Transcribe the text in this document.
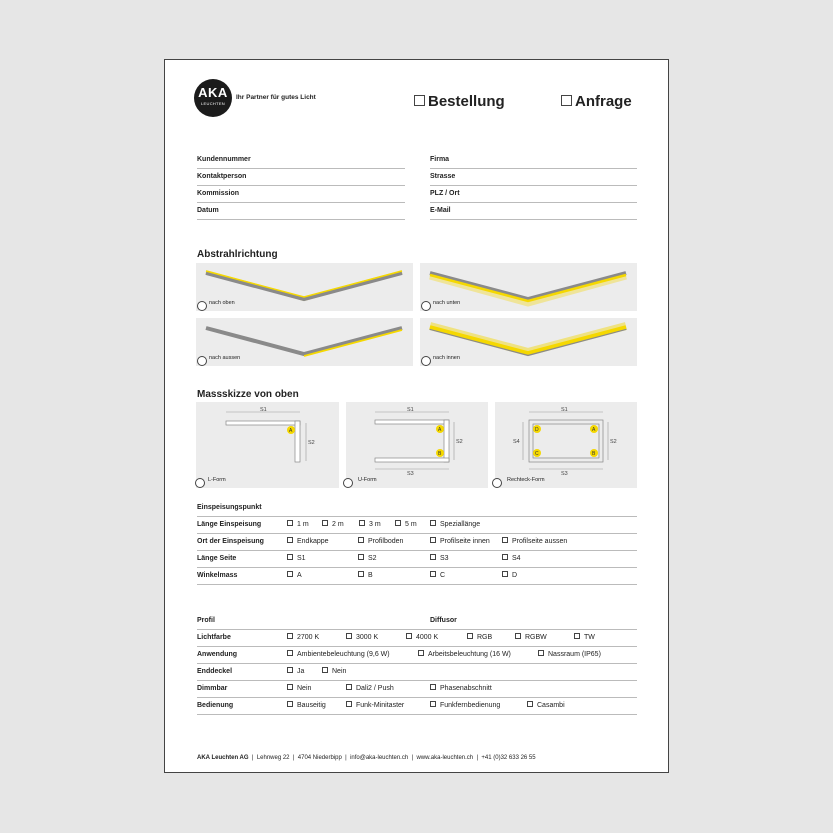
AKA
LEUCHTEN
Ihr Partner für gutes Licht	Bestellung	Anfrage
Kundennummer
Kontaktperson
Kommission
Datum
Firma
Strasse
PLZ / Ort
E-Mail
Abstrahlrichtung
nach oben	nach unten
nach aussen	nach innen
Massskizze von oben
S1
S2
A
L-Form
S1
S2
S3
A
B
U-Form
S1
S2
S3
S4
D	A
C	B
Rechteck-Form
Einspeisungspunkt
Länge Einspeisung	1 m	2 m	3 m	5 m	Speziallänge
Ort der Einspeisung	Endkappe	Profilboden	Profilseite innen	Profilseite aussen
Länge Seite	S1	S2	S3	S4
Winkelmass	A	B	C	D
Profil	Diffusor
Lichtfarbe	2700 K	3000 K	4000 K	RGB	RGBW	TW
Anwendung	Ambientebeleuchtung (9,6 W)	Arbeitsbeleuchtung (16 W)	Nassraum (IP65)
Enddeckel	Ja	Nein
Dimmbar	Nein	Dali2 / Push	Phasenabschnitt
Bedienung	Bauseitig	Funk-Minitaster	Funkfernbedienung	Casambi
AKA Leuchten AG | Lehnweg 22 | 4704 Niederbipp | info@aka-leuchten.ch | www.aka-leuchten.ch | +41 (0)32 633 26 55
